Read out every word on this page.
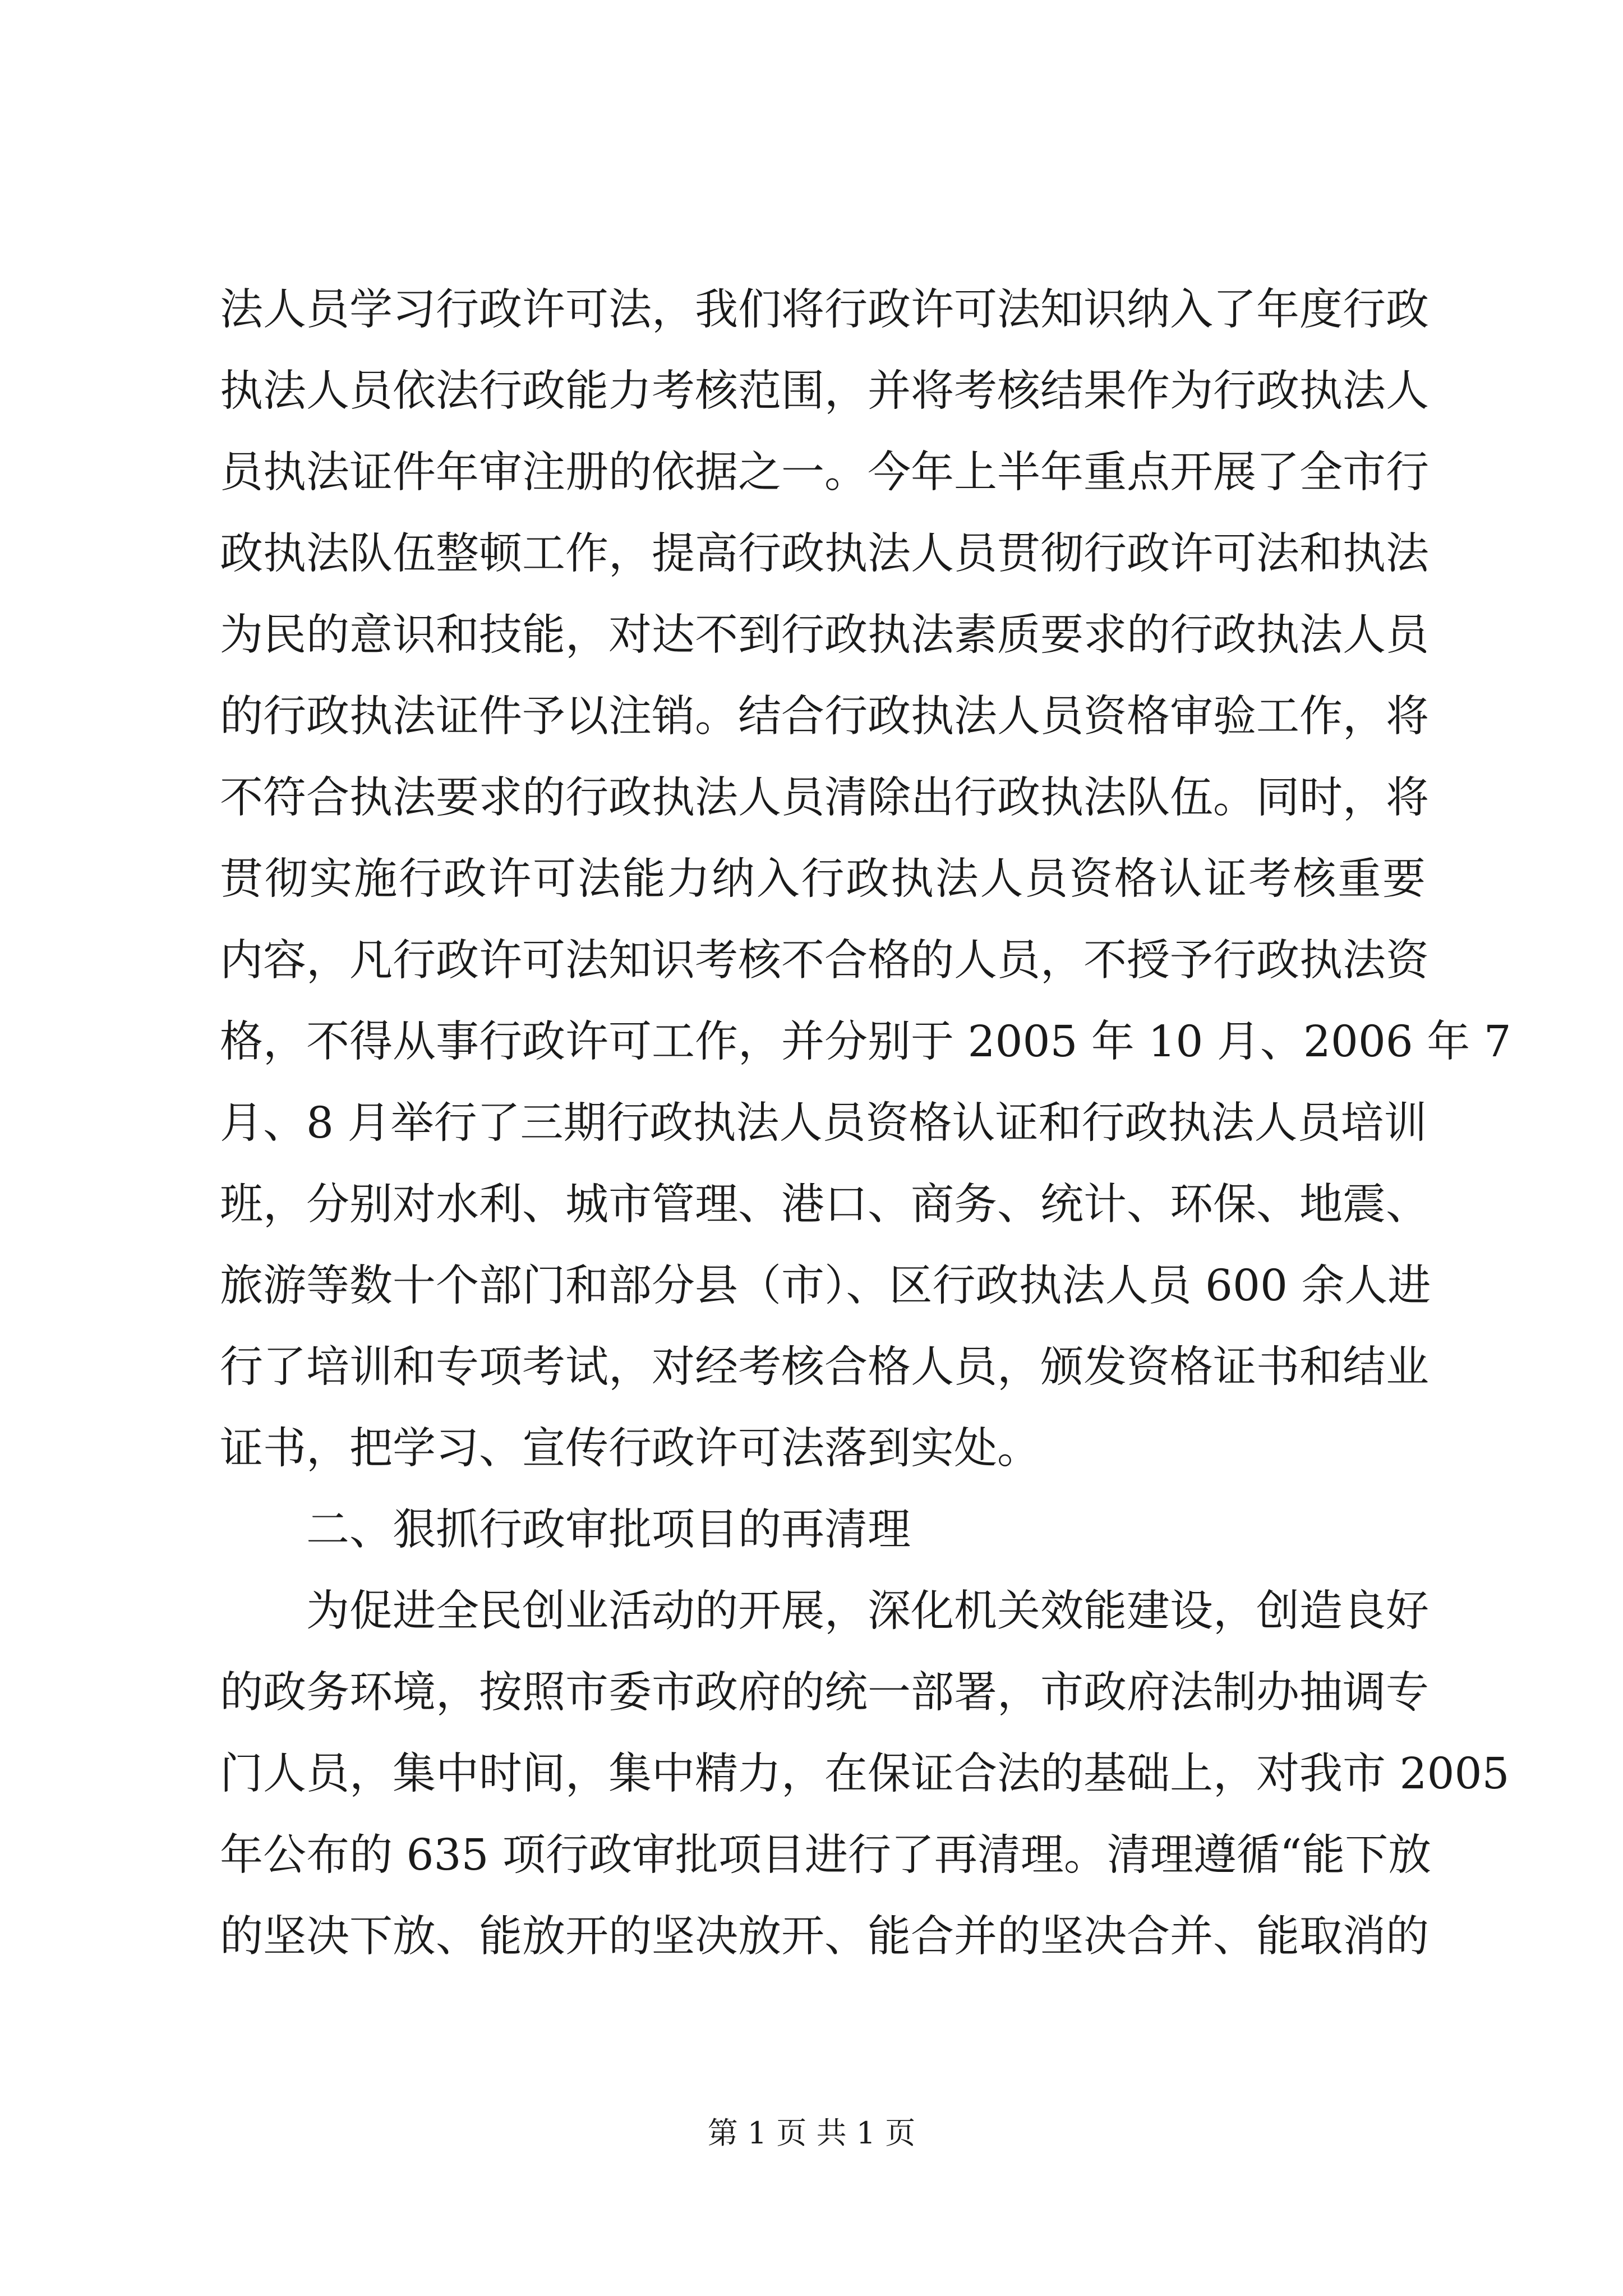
法人员学习行政许可法，我们将行政许可法知识纳入了年度行政
执法人员依法行政能力考核范围，并将考核结果作为行政执法人
员执法证件年审注册的依据之一。今年上半年重点开展了全市行
政执法队伍整顿工作，提高行政执法人员贯彻行政许可法和执法
为民的意识和技能，对达不到行政执法素质要求的行政执法人员
的行政执法证件予以注销。结合行政执法人员资格审验工作，将
不符合执法要求的行政执法人员清除出行政执法队伍。同时，将
贯彻实施行政许可法能力纳入行政执法人员资格认证考核重要
内容，凡行政许可法知识考核不合格的人员，不授予行政执法资
格，不得从事行政许可工作，并分别于 2005 年 10 月、2006 年 7
月、8 月举行了三期行政执法人员资格认证和行政执法人员培训
班，分别对水利、城市管理、港口、商务、统计、环保、地震、
旅游等数十个部门和部分县（市）、区行政执法人员 600 余人进
行了培训和专项考试，对经考核合格人员，颁发资格证书和结业
证书，把学习、宣传行政许可法落到实处。
二、狠抓行政审批项目的再清理
为促进全民创业活动的开展，深化机关效能建设，创造良好
的政务环境，按照市委市政府的统一部署，市政府法制办抽调专
门人员，集中时间，集中精力，在保证合法的基础上，对我市 2005
年公布的 635 项行政审批项目进行了再清理。清理遵循“能下放
的坚决下放、能放开的坚决放开、能合并的坚决合并、能取消的
第 1 页 共 1 页
